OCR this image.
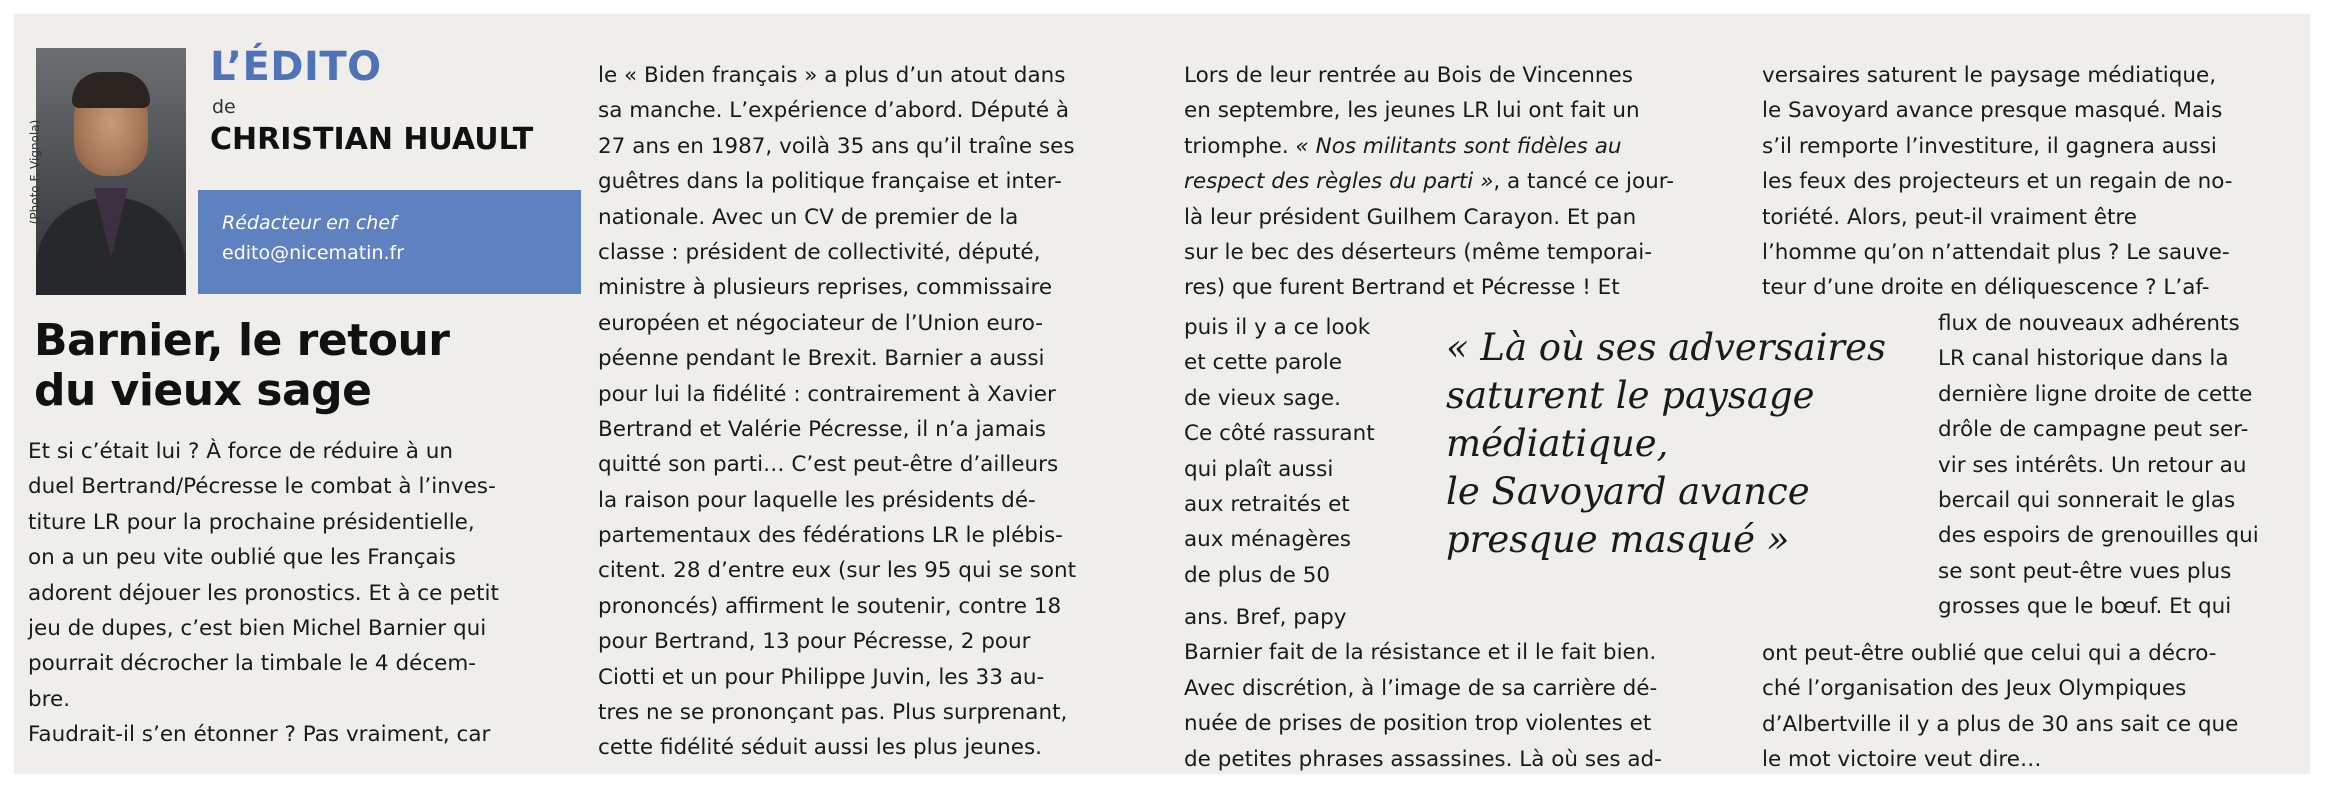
(Photo F. Vignola)
L’ÉDITO
de
CHRISTIAN HUAULT
Rédacteur en chef
edito@nicematin.fr
Barnier, le retour
du vieux sage
Et si c’était lui ? À force de réduire à un
duel Bertrand/Pécresse le combat à l’inves-
titure LR pour la prochaine présidentielle,
on a un peu vite oublié que les Français
adorent déjouer les pronostics. Et à ce petit
jeu de dupes, c’est bien Michel Barnier qui
pourrait décrocher la timbale le 4 décem-
bre.
Faudrait-il s’en étonner ? Pas vraiment, car
le « Biden français » a plus d’un atout dans
sa manche. L’expérience d’abord. Député à
27 ans en 1987, voilà 35 ans qu’il traîne ses
guêtres dans la politique française et inter-
nationale. Avec un CV de premier de la
classe : président de collectivité, député,
ministre à plusieurs reprises, commissaire
européen et négociateur de l’Union euro-
péenne pendant le Brexit. Barnier a aussi
pour lui la fidélité : contrairement à Xavier
Bertrand et Valérie Pécresse, il n’a jamais
quitté son parti… C’est peut-être d’ailleurs
la raison pour laquelle les présidents dé-
partementaux des fédérations LR le plébis-
citent. 28 d’entre eux (sur les 95 qui se sont
prononcés) affirment le soutenir, contre 18
pour Bertrand, 13 pour Pécresse, 2 pour
Ciotti et un pour Philippe Juvin, les 33 au-
tres ne se prononçant pas. Plus surprenant,
cette fidélité séduit aussi les plus jeunes.
Lors de leur rentrée au Bois de Vincennes
en septembre, les jeunes LR lui ont fait un
triomphe. « Nos militants sont fidèles au
respect des règles du parti », a tancé ce jour-
là leur président Guilhem Carayon. Et pan
sur le bec des déserteurs (même temporai-
res) que furent Bertrand et Pécresse ! Et
puis il y a ce look
et cette parole
de vieux sage.
Ce côté rassurant
qui plaît aussi
aux retraités et
aux ménagères
de plus de 50
ans. Bref, papy
Barnier fait de la résistance et il le fait bien.
Avec discrétion, à l’image de sa carrière dé-
nuée de prises de position trop violentes et
de petites phrases assassines. Là où ses ad-
« Là où ses adversaires
saturent le paysage
médiatique,
le Savoyard avance
presque masqué »
versaires saturent le paysage médiatique,
le Savoyard avance presque masqué. Mais
s’il remporte l’investiture, il gagnera aussi
les feux des projecteurs et un regain de no-
toriété. Alors, peut-il vraiment être
l’homme qu’on n’attendait plus ? Le sauve-
teur d’une droite en déliquescence ? L’af-
flux de nouveaux adhérents
LR canal historique dans la
dernière ligne droite de cette
drôle de campagne peut ser-
vir ses intérêts. Un retour au
bercail qui sonnerait le glas
des espoirs de grenouilles qui
se sont peut-être vues plus
grosses que le bœuf. Et qui
ont peut-être oublié que celui qui a décro-
ché l’organisation des Jeux Olympiques
d’Albertville il y a plus de 30 ans sait ce que
le mot victoire veut dire…
